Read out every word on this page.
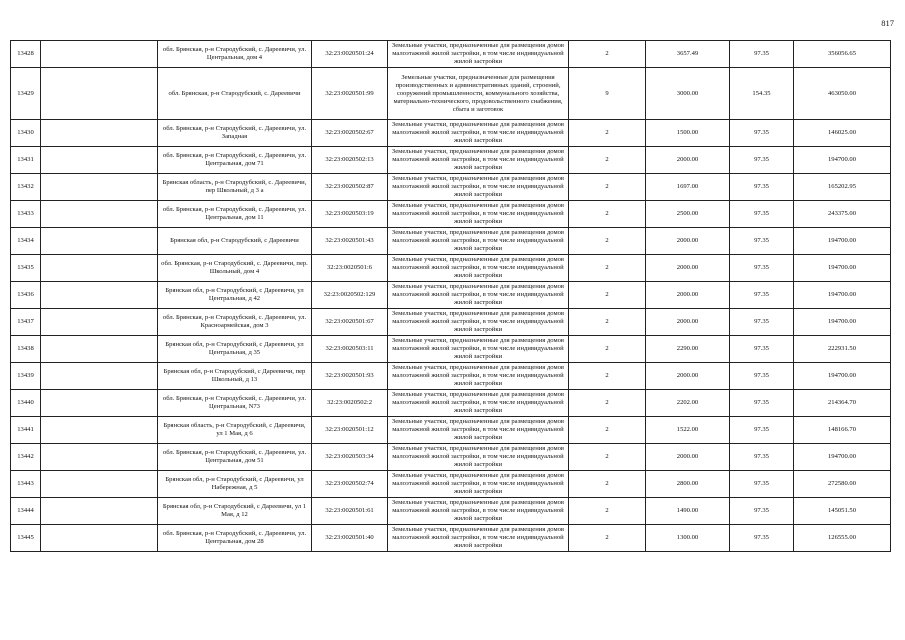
817
13428		обл. Брянская, р-н Стародубский, с. Дареевичи, ул. Центральная, дом 4	32:23:0020501:24	Земельные участки, предназначенные для размещения домов малоэтажной жилой застройки, в том числе индивидуальной жилой застройки	2	3657.49	97.35	356056.65
13429		обл. Брянская, р-н Стародубский, с. Дареевичи	32:23:0020501:99	Земельные участки, предназначенные для размещения производственных и административных зданий, строений, сооружений промышленности, коммунального хозяйства, материально-технического, продовольственного снабжения, сбыта и заготовок	9	3000.00	154.35	463050.00
13430		обл. Брянская, р-н Стародубский, с. Дареевичи, ул. Западная	32:23:0020502:67	Земельные участки, предназначенные для размещения домов малоэтажной жилой застройки, в том числе индивидуальной жилой застройки	2	1500.00	97.35	146025.00
13431		обл. Брянская, р-н Стародубский, с. Дареевичи, ул. Центральная, дом 71	32:23:0020502:13	Земельные участки, предназначенные для размещения домов малоэтажной жилой застройки, в том числе индивидуальной жилой застройки	2	2000.00	97.35	194700.00
13432		Брянская область, р-н Стародубский, с. Дареевичи, пер Школьный, д 3 а	32:23:0020502:87	Земельные участки, предназначенные для размещения домов малоэтажной жилой застройки, в том числе индивидуальной жилой застройки	2	1697.00	97.35	165202.95
13433		обл. Брянская, р-н Стародубский, с. Дареевичи, ул. Центральная, дом 11	32:23:0020503:19	Земельные участки, предназначенные для размещения домов малоэтажной жилой застройки, в том числе индивидуальной жилой застройки	2	2500.00	97.35	243375.00
13434		Брянская обл, р-н Стародубский, с Дареевичи	32:23:0020501:43	Земельные участки, предназначенные для размещения домов малоэтажной жилой застройки, в том числе индивидуальной жилой застройки	2	2000.00	97.35	194700.00
13435		обл. Брянская, р-н Стародубский, с. Дареевичи, пер. Школьный, дом 4	32:23:0020501:6	Земельные участки, предназначенные для размещения домов малоэтажной жилой застройки, в том числе индивидуальной жилой застройки	2	2000.00	97.35	194700.00
13436		Брянская обл, р-н Стародубский, с Дареевичи, ул Центральная, д 42	32:23:0020502:129	Земельные участки, предназначенные для размещения домов малоэтажной жилой застройки, в том числе индивидуальной жилой застройки	2	2000.00	97.35	194700.00
13437		обл. Брянская, р-н Стародубский, с. Дареевичи, ул. Красноармейская, дом 3	32:23:0020501:67	Земельные участки, предназначенные для размещения домов малоэтажной жилой застройки, в том числе индивидуальной жилой застройки	2	2000.00	97.35	194700.00
13438		Брянская обл, р-н Стародубский, с Дареевичи, ул Центральная, д 35	32:23:0020503:11	Земельные участки, предназначенные для размещения домов малоэтажной жилой застройки, в том числе индивидуальной жилой застройки	2	2290.00	97.35	222931.50
13439		Брянская обл, р-н Стародубский, с Дареевичи, пер Школьный, д 13	32:23:0020501:93	Земельные участки, предназначенные для размещения домов малоэтажной жилой застройки, в том числе индивидуальной жилой застройки	2	2000.00	97.35	194700.00
13440		обл. Брянская, р-н Стародубский, с. Дареевичи, ул. Центральная, N73	32:23:0020502:2	Земельные участки, предназначенные для размещения домов малоэтажной жилой застройки, в том числе индивидуальной жилой застройки	2	2202.00	97.35	214364.70
13441		Брянская область, р-н Стародубский, с Дареевичи, ул 1 Мая, д 6	32:23:0020501:12	Земельные участки, предназначенные для размещения домов малоэтажной жилой застройки, в том числе индивидуальной жилой застройки	2	1522.00	97.35	148166.70
13442		обл. Брянская, р-н Стародубский, с. Дареевичи, ул. Центральная, дом 51	32:23:0020503:34	Земельные участки, предназначенные для размещения домов малоэтажной жилой застройки, в том числе индивидуальной жилой застройки	2	2000.00	97.35	194700.00
13443		Брянская обл, р-н Стародубский, с Дареевичи, ул Набережная, д 5	32:23:0020502:74	Земельные участки, предназначенные для размещения домов малоэтажной жилой застройки, в том числе индивидуальной жилой застройки	2	2800.00	97.35	272580.00
13444		Брянская обл, р-н Стародубский, с Дареевичи, ул 1 Мая, д 12	32:23:0020501:61	Земельные участки, предназначенные для размещения домов малоэтажной жилой застройки, в том числе индивидуальной жилой застройки	2	1490.00	97.35	145051.50
13445		обл. Брянская, р-н Стародубский, с. Дареевичи, ул. Центральная, дом 28	32:23:0020501:40	Земельные участки, предназначенные для размещения домов малоэтажной жилой застройки, в том числе индивидуальной жилой застройки	2	1300.00	97.35	126555.00
